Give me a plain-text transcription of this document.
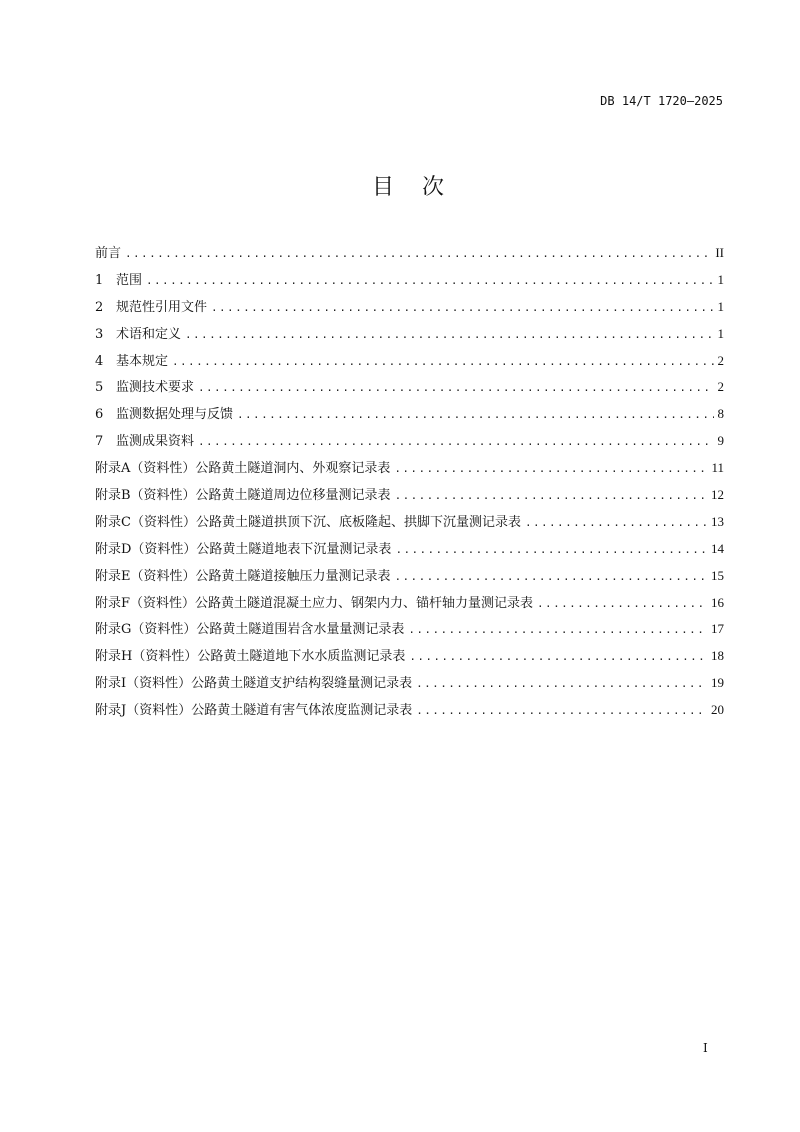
DB 14/T 1720—2025
目 次
前言 .....	II
1 范围 .....	1
2 规范性引用文件 .....	1
3 术语和定义 .....	1
4 基本规定 .....	2
5 监测技术要求 .....	2
6 监测数据处理与反馈 .....	8
7 监测成果资料 .....	9
附录A（资料性）公路黄土隧道洞内、外观察记录表 .....	11
附录B（资料性）公路黄土隧道周边位移量测记录表 .....	12
附录C（资料性）公路黄土隧道拱顶下沉、底板隆起、拱脚下沉量测记录表 .....	13
附录D（资料性）公路黄土隧道地表下沉量测记录表 .....	14
附录E（资料性）公路黄土隧道接触压力量测记录表 .....	15
附录F（资料性）公路黄土隧道混凝土应力、钢架内力、锚杆轴力量测记录表 .....	16
附录G（资料性）公路黄土隧道围岩含水量量测记录表 .....	17
附录H（资料性）公路黄土隧道地下水水质监测记录表 .....	18
附录I（资料性）公路黄土隧道支护结构裂缝量测记录表 .....	19
附录J（资料性）公路黄土隧道有害气体浓度监测记录表 .....	20
I
